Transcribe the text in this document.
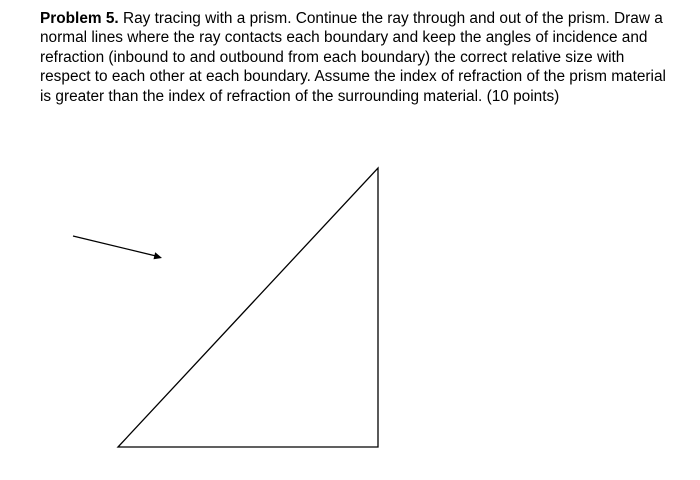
Problem 5. Ray tracing with a prism. Continue the ray through and out of the prism. Draw a normal lines where the ray contacts each boundary and keep the angles of incidence and refraction (inbound to and outbound from each boundary) the correct relative size with respect to each other at each boundary. Assume the index of refraction of the prism material is greater than the index of refraction of the surrounding material. (10 points)
